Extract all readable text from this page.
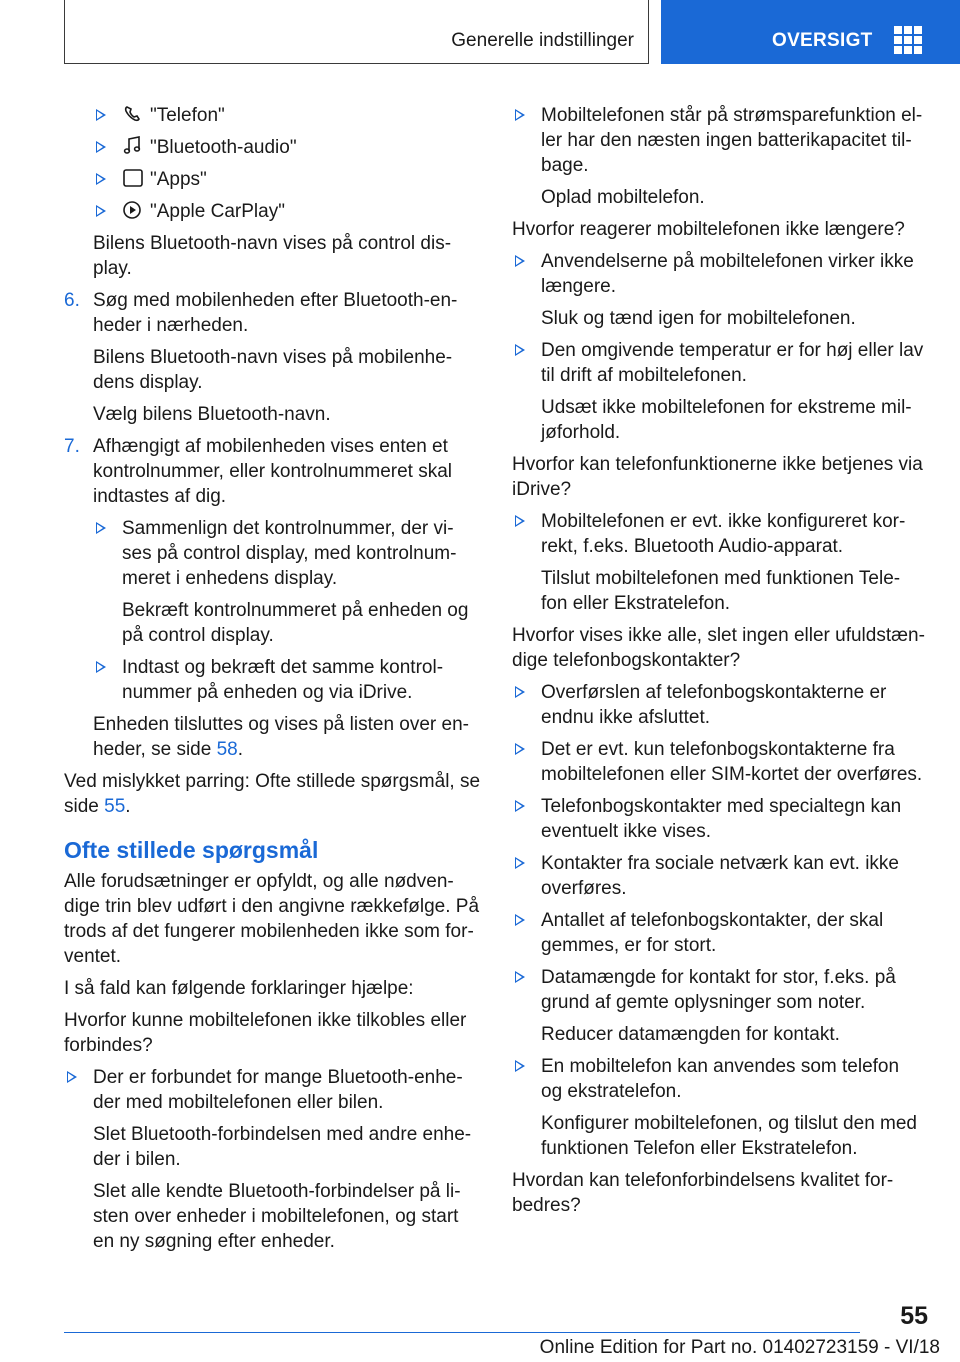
Generelle indstillinger	OVERSIGT
"Telefon"
"Bluetooth-audio"
"Apps"
"Apple CarPlay"
Bilens Bluetooth-navn vises på control dis-
play.
6. Søg med mobilenheden efter Bluetooth-en-
heder i nærheden.
Bilens Bluetooth-navn vises på mobilenhe-
dens display.
Vælg bilens Bluetooth-navn.
7. Afhængigt af mobilenheden vises enten et
kontrolnummer, eller kontrolnummeret skal
indtastes af dig.
Sammenlign det kontrolnummer, der vi-
ses på control display, med kontrolnum-
meret i enhedens display.
Bekræft kontrolnummeret på enheden og
på control display.
Indtast og bekræft det samme kontrol-
nummer på enheden og via iDrive.
Enheden tilsluttes og vises på listen over en-
heder, se side 58.
Ved mislykket parring: Ofte stillede spørgsmål, se
side 55.
Ofte stillede spørgsmål
Alle forudsætninger er opfyldt, og alle nødven-
dige trin blev udført i den angivne rækkefølge. På
trods af det fungerer mobilenheden ikke som for-
ventet.
I så fald kan følgende forklaringer hjælpe:
Hvorfor kunne mobiltelefonen ikke tilkobles eller
forbindes?
Der er forbundet for mange Bluetooth-enhe-
der med mobiltelefonen eller bilen.
Slet Bluetooth-forbindelsen med andre enhe-
der i bilen.
Slet alle kendte Bluetooth-forbindelser på li-
sten over enheder i mobiltelefonen, og start
en ny søgning efter enheder.
Mobiltelefonen står på strømsparefunktion el-
ler har den næsten ingen batterikapacitet til-
bage.
Oplad mobiltelefon.
Hvorfor reagerer mobiltelefonen ikke længere?
Anvendelserne på mobiltelefonen virker ikke
længere.
Sluk og tænd igen for mobiltelefonen.
Den omgivende temperatur er for høj eller lav
til drift af mobiltelefonen.
Udsæt ikke mobiltelefonen for ekstreme mil-
jøforhold.
Hvorfor kan telefonfunktionerne ikke betjenes via
iDrive?
Mobiltelefonen er evt. ikke konfigureret kor-
rekt, f.eks. Bluetooth Audio-apparat.
Tilslut mobiltelefonen med funktionen Tele-
fon eller Ekstratelefon.
Hvorfor vises ikke alle, slet ingen eller ufuldstæn-
dige telefonbogskontakter?
Overførslen af telefonbogskontakterne er
endnu ikke afsluttet.
Det er evt. kun telefonbogskontakterne fra
mobiltelefonen eller SIM-kortet der overføres.
Telefonbogskontakter med specialtegn kan
eventuelt ikke vises.
Kontakter fra sociale netværk kan evt. ikke
overføres.
Antallet af telefonbogskontakter, der skal
gemmes, er for stort.
Datamængde for kontakt for stor, f.eks. på
grund af gemte oplysninger som noter.
Reducer datamængden for kontakt.
En mobiltelefon kan anvendes som telefon
og ekstratelefon.
Konfigurer mobiltelefonen, og tilslut den med
funktionen Telefon eller Ekstratelefon.
Hvordan kan telefonforbindelsens kvalitet for-
bedres?
55
Online Edition for Part no. 01402723159 - VI/18
